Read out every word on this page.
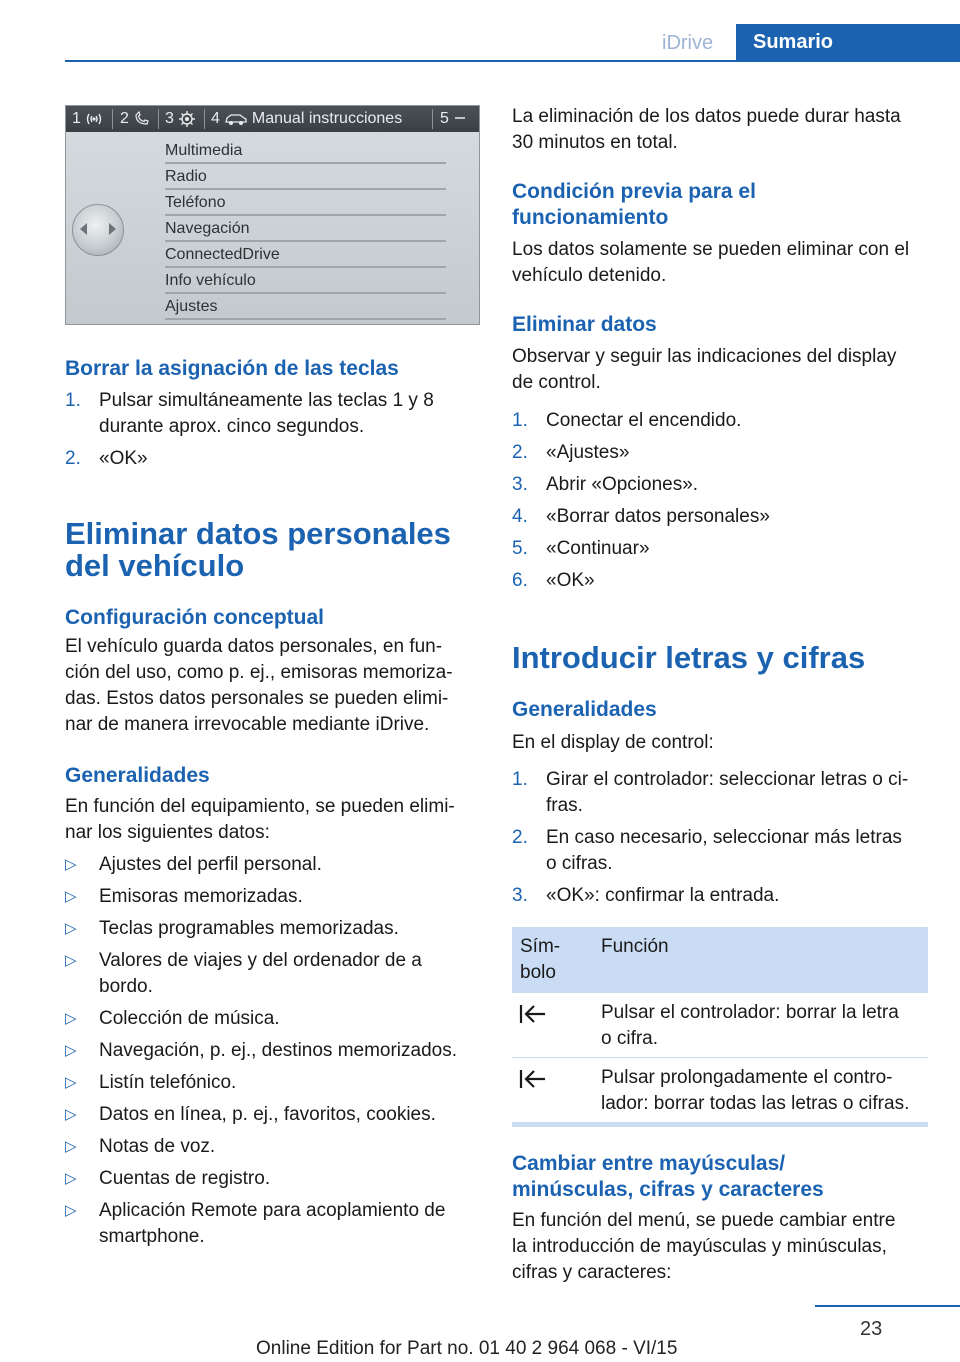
iDrive	Sumario
1 2 3 4 Manual instrucciones 5
Multimedia
Radio
Teléfono
Navegación
ConnectedDrive
Info vehículo
Ajustes
Borrar la asignación de las teclas
1. Pulsar simultáneamente las teclas 1 y 8

durante aprox. cinco segundos.

2. «OK»

Eliminar datos personales
del vehículo
Configuración conceptual

El vehículo guarda datos personales, en fun-

ción del uso, como p. ej., emisoras memoriza-

das. Estos datos personales se pueden elimi-

nar de manera irrevocable mediante iDrive.

Generalidades

En función del equipamiento, se pueden elimi-

nar los siguientes datos:

▷ Ajustes del perfil personal.

▷ Emisoras memorizadas.

▷ Teclas programables memorizadas.

▷ Valores de viajes y del ordenador de a

bordo.

▷ Colección de música.

▷ Navegación, p. ej., destinos memorizados.

▷ Listín telefónico.

▷ Datos en línea, p. ej., favoritos, cookies.

▷ Notas de voz.

▷ Cuentas de registro.

▷ Aplicación Remote para acoplamiento de

smartphone.

La eliminación de los datos puede durar hasta

30 minutos en total.

Condición previa para el
funcionamiento

Los datos solamente se pueden eliminar con el

vehículo detenido.

Eliminar datos

Observar y seguir las indicaciones del display

de control.

1. Conectar el encendido.

2. «Ajustes»

3. Abrir «Opciones».

4. «Borrar datos personales»

5. «Continuar»

6. «OK»

Introducir letras y cifras
Generalidades

En el display de control:

1. Girar el controlador: seleccionar letras o ci-

fras.

2. En caso necesario, seleccionar más letras

o cifras.

3. «OK»: confirmar la entrada.

Sím-
bolo
Función
Pulsar el controlador: borrar la letra
o cifra.
Pulsar prolongadamente el contro-
lador: borrar todas las letras o cifras.
Cambiar entre mayúsculas/
minúsculas, cifras y caracteres

En función del menú, se puede cambiar entre

la introducción de mayúsculas y minúsculas,

cifras y caracteres:

23
Online Edition for Part no. 01 40 2 964 068 - VI/15
